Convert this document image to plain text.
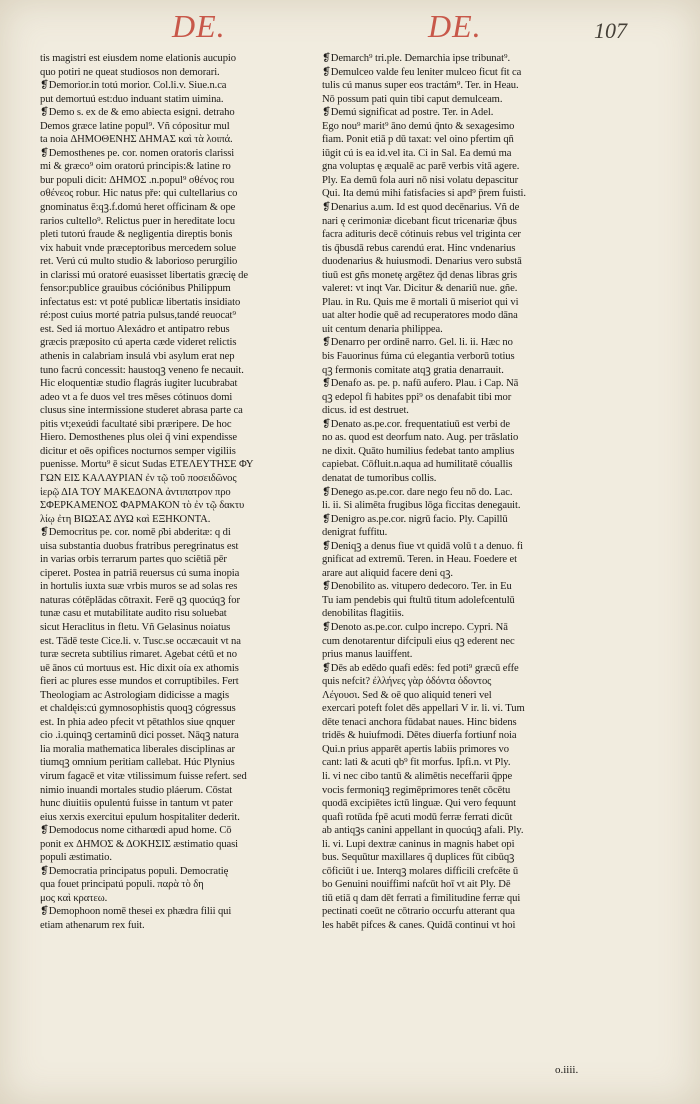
DE.	DE.	107
tis magistri est eiusdem nome elationis aucupio
quo potiri ne queat studiosos non demorari.
❡Demorior.in totú morior. Col.li.v. Siue.n.ca
put demortuú est:duo induant statim uimina.
❡Demo s. ex de & emo abiecta esigni. detraho
Demos græce latine popul⁹. Vñ cópositur mul
ta noia ΔΗΜΟΘΕΝΗΣ ΔΗΜΑΣ καὶ τὰ λοιπά.
❡Demosthenes pe. cor. nomen oratoris clarissi
mi & græco⁹ oim oratorú principis:& latine ro
bur populi dicit: ΔΗΜΟΣ .n.popul⁹ σθένος rou
σθένεος robur. Hic natus pře: qui cultellarius co
gnominatus ē:qꝫ.f.domú heret officinam & ope
rarios cultello⁹. Relictus puer in hereditate locu
pleti tutorú fraude & negligentia direptis bonis
vix habuit vnde præceptoribus mercedem solue
ret. Verú cú multo studio & laborioso perurgilio
in clarissi mú oratoré euasisset libertatis græcię de
fensor:publice grauibus cóciónibus Philippum
infectatus est: vt poté publicæ libertatis insidiato
ré:post cuius morté patria pulsus,tandé reuocat⁹
est. Sed iá mortuo Alexádro et antipatro rebus
græcis præposito cú aperta cæde videret relictis
athenis in calabriam insulá vbi asylum erat nep
tuno facrú concessit: haustoqꝫ veneno fe necauit.
Hic eloquentiæ studio flagrás iugiter lucubrabat
adeo vt a fe duos vel tres mēses cótinuos domi
clusus sine intermissione studeret abrasa parte ca
pitis vt;exeúdi facultaté sibi præripere. De hoc
Hiero. Demosthenes plus olei q̄ vini expendisse
dicitur et oēs opifices nocturnos semper vigiliis
puenisse. Mortu⁹ ē sicut Sudas ΕΤΕΛΕΥΤΗΣΕ ΦΥ
ΓΩΝ ΕΙΣ ΚΑΛΑΥΡΙΑΝ ἐν τῷ τοῦ ποσειδῶνος
ἱερῷ ΔΙΑ ΤΟΥ ΜΑΚΕΔΟΝΑ ἀντιπατρον προ
ΣΦΕΡΚΑΜΕΝΟΣ ΦΑΡΜΑΚΟΝ τὸ ἐν τῷ δακτυ
λίῳ ἐτη ΒΙΩΣΑΣ ΔΥΩ καὶ ΕΞΗΚΟΝΤΑ.
❡Democritus pe. cor. nomē ρ̄bi abderitæ: q di
uisa substantia duobus fratribus peregrinatus est
in varias orbis terrarum partes quo sciētiā pēr
ciperet. Postea in patriā reuersus cú suma inopia
in hortulis iuxta suæ vrbis muros se ad solas res
naturas cótēplādas cōtraxit. Ferē qꝫ quocúqꝫ for
tunæ casu et mutabilitate audito risu soluebat
sicut Heraclitus in fletu. Vñ Gelasinus noiatus
est. Tādē teste Cice.li. v. Tusc.se occæcauit vt na
turæ secreta subtilius rimaret. Agebat cétū et no
uē ānos cú mortuus est. Hic dixit oía ex athomis
fieri ac plures esse mundos et corruptibiles. Fert
Theologiam ac Astrologiam didicisse a magis
et chaldęis:cú gymnosophistis quoqꝫ cógressus
est. In phia adeo pfecit vt pētathlos siue qnquer
cio .i.quinqꝫ certaminū dici posset. Nāqꝫ natura
lia moralia mathematica liberales disciplinas ar
tiumqꝫ omnium peritiam callebat. Húc Plynius
virum fagacē et vitæ vtilissimum fuisse refert. sed
nimio inuandi mortales studio pláerum. Cōstat
hunc diuitiis opulentú fuisse in tantum vt pater
eius xerxis exercitui epulum hospitaliter dederit.
❡Demodocus nome citharœdi apud home. Cō
ponit ex ΔΗΜΟΣ & ΔΟΚΗΣΙΣ æstimatio quasi
populi æstimatio.
❡Democratia principatus populi. Democratię
qua fouet principatú populi. παρὰ τὸ δη
μος καὶ κρατεω.
❡Demophoon nomē thesei ex phædra filii qui
etiam athenarum rex fuit.
❡Demarch⁹ tri.ple. Demarchia ipse tribunat⁹.
❡Demulceo valde feu leniter mulceo ficut fit ca
tulis cú manus super eos tractám⁹. Ter. in Heau.
Nō possum pati quin tibi caput demulceam.
❡Demú significat ad postre. Ter. in Adel.
Ego nou⁹ marit⁹ āno demú q̄nto & sexagesimo
fiam. Ponit etiā p dū taxat: vel oino pfertim qñ
iūgit cú is ea id.vel ita. Ci in Sal. Ea demú ma
gna voluptas ę æqualē ac parē verbis vitā agere.
Ply. Ea demū fola auri nō nisi volatu depascitur
Qui. Ita demú mihi fatisfacies si apd⁹ p̄rem fuisti.
❡Denarius a.um. Id est quod decēnarius. Vñ de
nari ę cerimoniæ dicebant ficut tricenariæ q̄bus
facra adituris decē cótinuis rebus vel triginta cer
tis q̄busdā rebus carendú erat. Hinc vndenarius
duodenarius & huiusmodi. Denarius vero substā
tiuū est gñs monetę argētez q̄d denas libras gris
valeret: vt inqt Var. Dicitur & denariū nue. gñe.
Plau. in Ru. Quis me ē mortali ū miseriot qui vi
uat alter hodie quē ad recuperatores modo dāna
uit centum denaria philippea.
❡Denarro per ordinē narro. Gel. li. ii. Hæc no
bis Fauorinus fúma cú elegantia verborū totius
qꝫ fermonis comitate atqꝫ gratia denarrauit.
❡Denafo as. pe. p. nafū aufero. Plau. i Cap. Nā
qꝫ edepol fi habites ppi⁹ os denafabit tibi mor
dicus. id est destruet.
❡Denato as.pe.cor. frequentatiuū est verbi de
no as. quod est deorfum nato. Aug. per trāslatio
ne dixit. Quāto humilius fedebat tanto amplius
capiebat. Cōfluit.n.aqua ad humilitatē cóuallis
denatat de tumoribus collis.
❡Denego as.pe.cor. dare nego feu nō do. Lac.
li. ii. Si alimēta frugibus lōga ficcitas denegauit.
❡Denigro as.pe.cor. nigrū facio. Ply. Capillū
denigrat fuffitu.
❡Deniqꝫ a denus fiue vt quidā volū t a denuo. fi
gnificat ad extremū. Teren. in Heau. Foedere et
arare aut aliquid facere deni qꝫ.
❡Denobilito as. vitupero dedecoro. Ter. in Eu
Tu iam pendebis qui ftultū titum adolefcentulū
denobilitas flagitiis.
❡Denoto as.pe.cor. culpo increpo. Cypri. Nā
cum denotarentur difcipuli eius qꝫ ederent nec
prius manus lauiffent.
❡Dēs ab edēdo quafi edēs: fed poti⁹ græcū effe
quis nefcit? ἐλλήνες γὰρ ὀδόντα ὀδοντος
Λέγουσι. Sed & oē quo aliquid teneri vel
exercari poteft folet dēs appellari V ir. li. vi. Tum
dēte tenaci anchora fūdabat naues. Hinc bidens
tridēs & huiufmodi. Dētes diuerfa fortiunf noia
Qui.n prius apparēt apertis labiis primores vo
cant: lati & acuti qb⁹ fit morfus. Ipfi.n. vt Ply.
li. vi nec cibo tantū & alimētis neceffarii q̄ppe
vocis fermoniqꝫ regimēprimores tenēt cōcētu
quodā excipiētes ictū linguæ. Qui vero fequunt
quafi rotūda fpē acuti modū ferræ ferrati dicūt
ab antiqꝫs canini appellant in quocúqꝫ afali. Ply.
li. vi. Lupi dextræ caninus in magnis habet opi
bus. Sequūtur maxillares q̄ duplices fūt cibūqꝫ
cōficiūt i ue. Interqꝫ molares difficili crefcēte ū
bo Genuini nouiffimi nafcūt hoī vt ait Ply. Dē
tiū etiā q dam dēt ferrati a fimilitudine ferræ qui
pectinati coeūt ne cōtrario occurfu atterant qua
les habēt pifces & canes. Quidā continui vt hoi
o.iiii.
